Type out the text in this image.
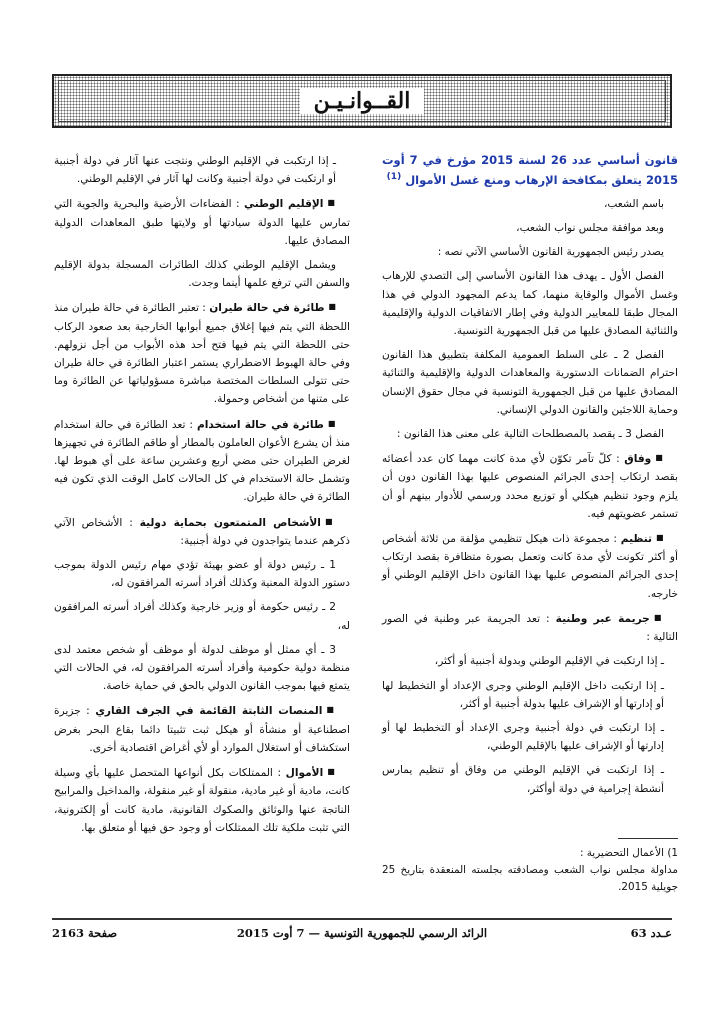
القــوانـيـن
قانون أساسي عدد 26 لسنة 2015 مؤرخ في 7 أوت 2015 يتعلق بمكافحة الإرهاب ومنع غسل الأموال $^{(1)}$

باسم الشعب،

وبعد موافقة مجلس نواب الشعب،

يصدر رئيس الجمهورية القانون الأساسي الآتي نصه :

الفصل الأول ـ يهدف هذا القانون الأساسي إلى التصدي للإرهاب وغسل الأموال والوقاية منهما، كما يدعم المجهود الدولي في هذا المجال طبقا للمعايير الدولية وفي إطار الاتفاقيات الدولية والإقليمية والثنائية المصادق عليها من قبل الجمهورية التونسية.

الفصل 2 ـ على السلط العمومية المكلفة بتطبيق هذا القانون احترام الضمانات الدستورية والمعاهدات الدولية والإقليمية والثنائية المصادق عليها من قبل الجمهورية التونسية في مجال حقوق الإنسان وحماية اللاجئين والقانون الدولي الإنساني.

الفصل 3 ـ يقصد بالمصطلحات التالية على معنى هذا القانون :

■وفاق : كلّ تآمر تكوّن لأي مدة كانت مهما كان عدد أعضائه بقصد ارتكاب إحدى الجرائم المنصوص عليها بهذا القانون دون أن يلزم وجود تنظيم هيكلي أو توزيع محدد ورسمي للأدوار بينهم أو أن تستمر عضويتهم فيه.

■تنظيم : مجموعة ذات هيكل تنظيمي مؤلفة من ثلاثة أشخاص أو أكثر تكونت لأي مدة كانت وتعمل بصورة متظافرة بقصد ارتكاب إحدى الجرائم المنصوص عليها بهذا القانون داخل الإقليم الوطني أو خارجه.

■جريمة عبر وطنية : تعد الجريمة عبر وطنية في الصور التالية :

ـ إذا ارتكبت في الإقليم الوطني وبدولة أجنبية أو أكثر،

ـ إذا ارتكبت داخل الإقليم الوطني وجرى الإعداد أو التخطيط لها أو إدارتها أو الإشراف عليها بدولة أجنبية أو أكثر،

ـ إذا ارتكبت في دولة أجنبية وجرى الإعداد أو التخطيط لها أو إدارتها أو الإشراف عليها بالإقليم الوطني،

ـ إذا ارتكبت في الإقليم الوطني من وفاق أو تنظيم يمارس أنشطة إجرامية في دولة أوأكثر،

1) الأعمال التحضيرية :
مداولة مجلس نواب الشعب ومصادقته بجلسته المنعقدة بتاريخ 25 جويلية 2015.

ـ إذا ارتكبت في الإقليم الوطني ونتجت عنها آثار في دولة أجنبية أو ارتكبت في دولة أجنبية وكانت لها آثار في الإقليم الوطني.

■الإقليم الوطني : الفضاءات الأرضية والبحرية والجوية التي تمارس عليها الدولة سيادتها أو ولايتها طبق المعاهدات الدولية المصادق عليها.

ويشمل الإقليم الوطني كذلك الطائرات المسجلة بدولة الإقليم والسفن التي ترفع علمها أينما وجدت.

■طائرة في حالة طيران : تعتبر الطائرة في حالة طيران منذ اللحظة التي يتم فيها إغلاق جميع أبوابها الخارجية بعد صعود الركاب حتى اللحظة التي يتم فيها فتح أحد هذه الأبواب من أجل نزولهم. وفي حالة الهبوط الاضطراري يستمر اعتبار الطائرة في حالة طيران حتى تتولى السلطات المختصة مباشرة مسؤولياتها عن الطائرة وما على متنها من أشخاص وحمولة.

■طائرة في حالة استخدام : تعد الطائرة في حالة استخدام منذ أن يشرع الأعوان العاملون بالمطار أو طاقم الطائرة في تجهيزها لغرض الطيران حتى مضي أربع وعشرين ساعة على أي هبوط لها. وتشمل حالة الاستخدام في كل الحالات كامل الوقت الذي تكون فيه الطائرة في حالة طيران.

■الأشخاص المتمتعون بحماية دولية : الأشخاص الآتي ذكرهم عندما يتواجدون في دولة أجنبية:

1 ـ رئيس دولة أو عضو بهيئة تؤدي مهام رئيس الدولة بموجب دستور الدولة المعنية وكذلك أفراد أسرته المرافقون له،

2 ـ رئيس حكومة أو وزير خارجية وكذلك أفراد أسرته المرافقون له،

3 ـ أي ممثل أو موظف لدولة أو موظف أو شخص معتمد لدى منظمة دولية حكومية وأفراد أسرته المرافقون له، في الحالات التي يتمتع فيها بموجب القانون الدولي بالحق في حماية خاصة.

■المنصات الثابتة القائمة في الجرف القاري : جزيرة اصطناعية أو منشأة أو هيكل ثبت تثبيتا دائما بقاع البحر بغرض استكشاف أو استغلال الموارد أو لأي أغراض اقتصادية أخرى.

■الأموال : الممتلكات بكل أنواعها المتحصل عليها بأي وسيلة كانت، مادية أو غير مادية، منقولة أو غير منقولة، والمداخيل والمرابيح الناتجة عنها والوثائق والصكوك القانونية، مادية كانت أو إلكترونية، التي تثبت ملكية تلك الممتلكات أو وجود حق فيها أو متعلق بها.

عـدد 63
الرائد الرسمي للجمهورية التونسية — 7 أوت 2015
صفحة 2163
